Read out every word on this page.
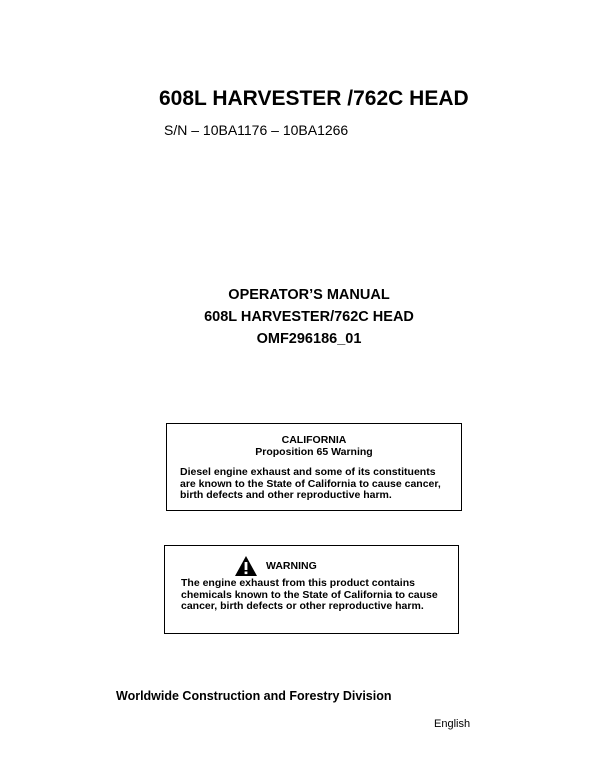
608L HARVESTER /762C HEAD
S/N – 10BA1176 – 10BA1266
OPERATOR’S MANUAL
608L HARVESTER/762C HEAD
OMF296186_01
CALIFORNIA
Proposition 65 Warning
Diesel engine exhaust and some of its constituents are known to the State of California to cause cancer, birth defects and other reproductive harm.
WARNING
The engine exhaust from this product contains chemicals known to the State of California to cause cancer, birth defects or other reproductive harm.
Worldwide Construction and Forestry Division
English
